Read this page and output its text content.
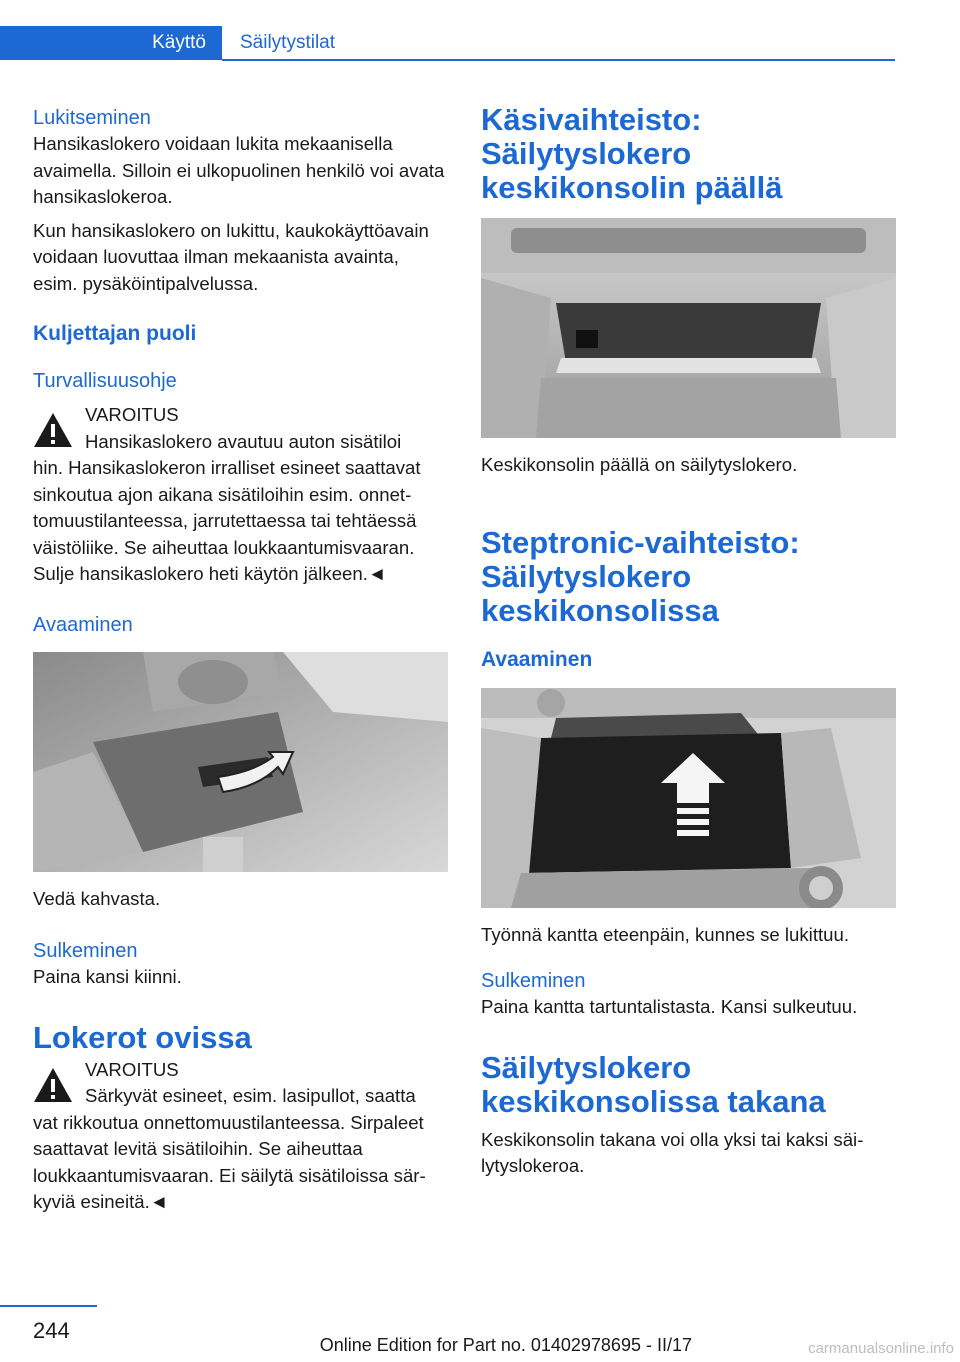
Käyttö	Säilytystilat
Lukitseminen

Hansikaslokero voidaan lukita mekaanisella avaimella. Silloin ei ulkopuolinen henkilö voi avata hansikaslokeroa.

Kun hansikaslokero on lukittu, kaukokäyttöavain voidaan luovuttaa ilman mekaanista avainta, esim. pysäköintipalvelussa.

Kuljettajan puoli
Turvallisuusohje

VAROITUS

Hansikaslokero avautuu auton sisätiloi

hin. Hansikaslokeron irralliset esineet saattavat sinkoutua ajon aikana sisätiloihin esim. onnettomuustilanteessa, jarrutettaessa tai tehtäessä väistöliike. Se aiheuttaa loukkaantumisvaaran. Sulje hansikaslokero heti käytön jälkeen.◄

Avaaminen

Vedä kahvasta.

Sulkeminen

Paina kansi kiinni.

Lokerot ovissa

VAROITUS

Särkyvät esineet, esim. lasipullot, saatta

vat rikkoutua onnettomuustilanteessa. Sirpaleet saattavat levitä sisätiloihin. Se aiheuttaa loukkaantumisvaaran. Ei säilytä sisätiloissa särkyviä esineitä.◄

Käsivaihteisto: Säilytyslokero keskikonsolin päällä

Keskikonsolin päällä on säilytyslokero.

Steptronic-vaihteisto: Säilytyslokero keskikonsolissa
Avaaminen

Työnnä kantta eteenpäin, kunnes se lukittuu.

Sulkeminen

Paina kantta tartuntalistasta. Kansi sulkeutuu.

Säilytyslokero keskikonsolissa takana

Keskikonsolin takana voi olla yksi tai kaksi säilytyslokeroa.

244
Online Edition for Part no. 01402978695 - II/17	carmanualsonline.info
